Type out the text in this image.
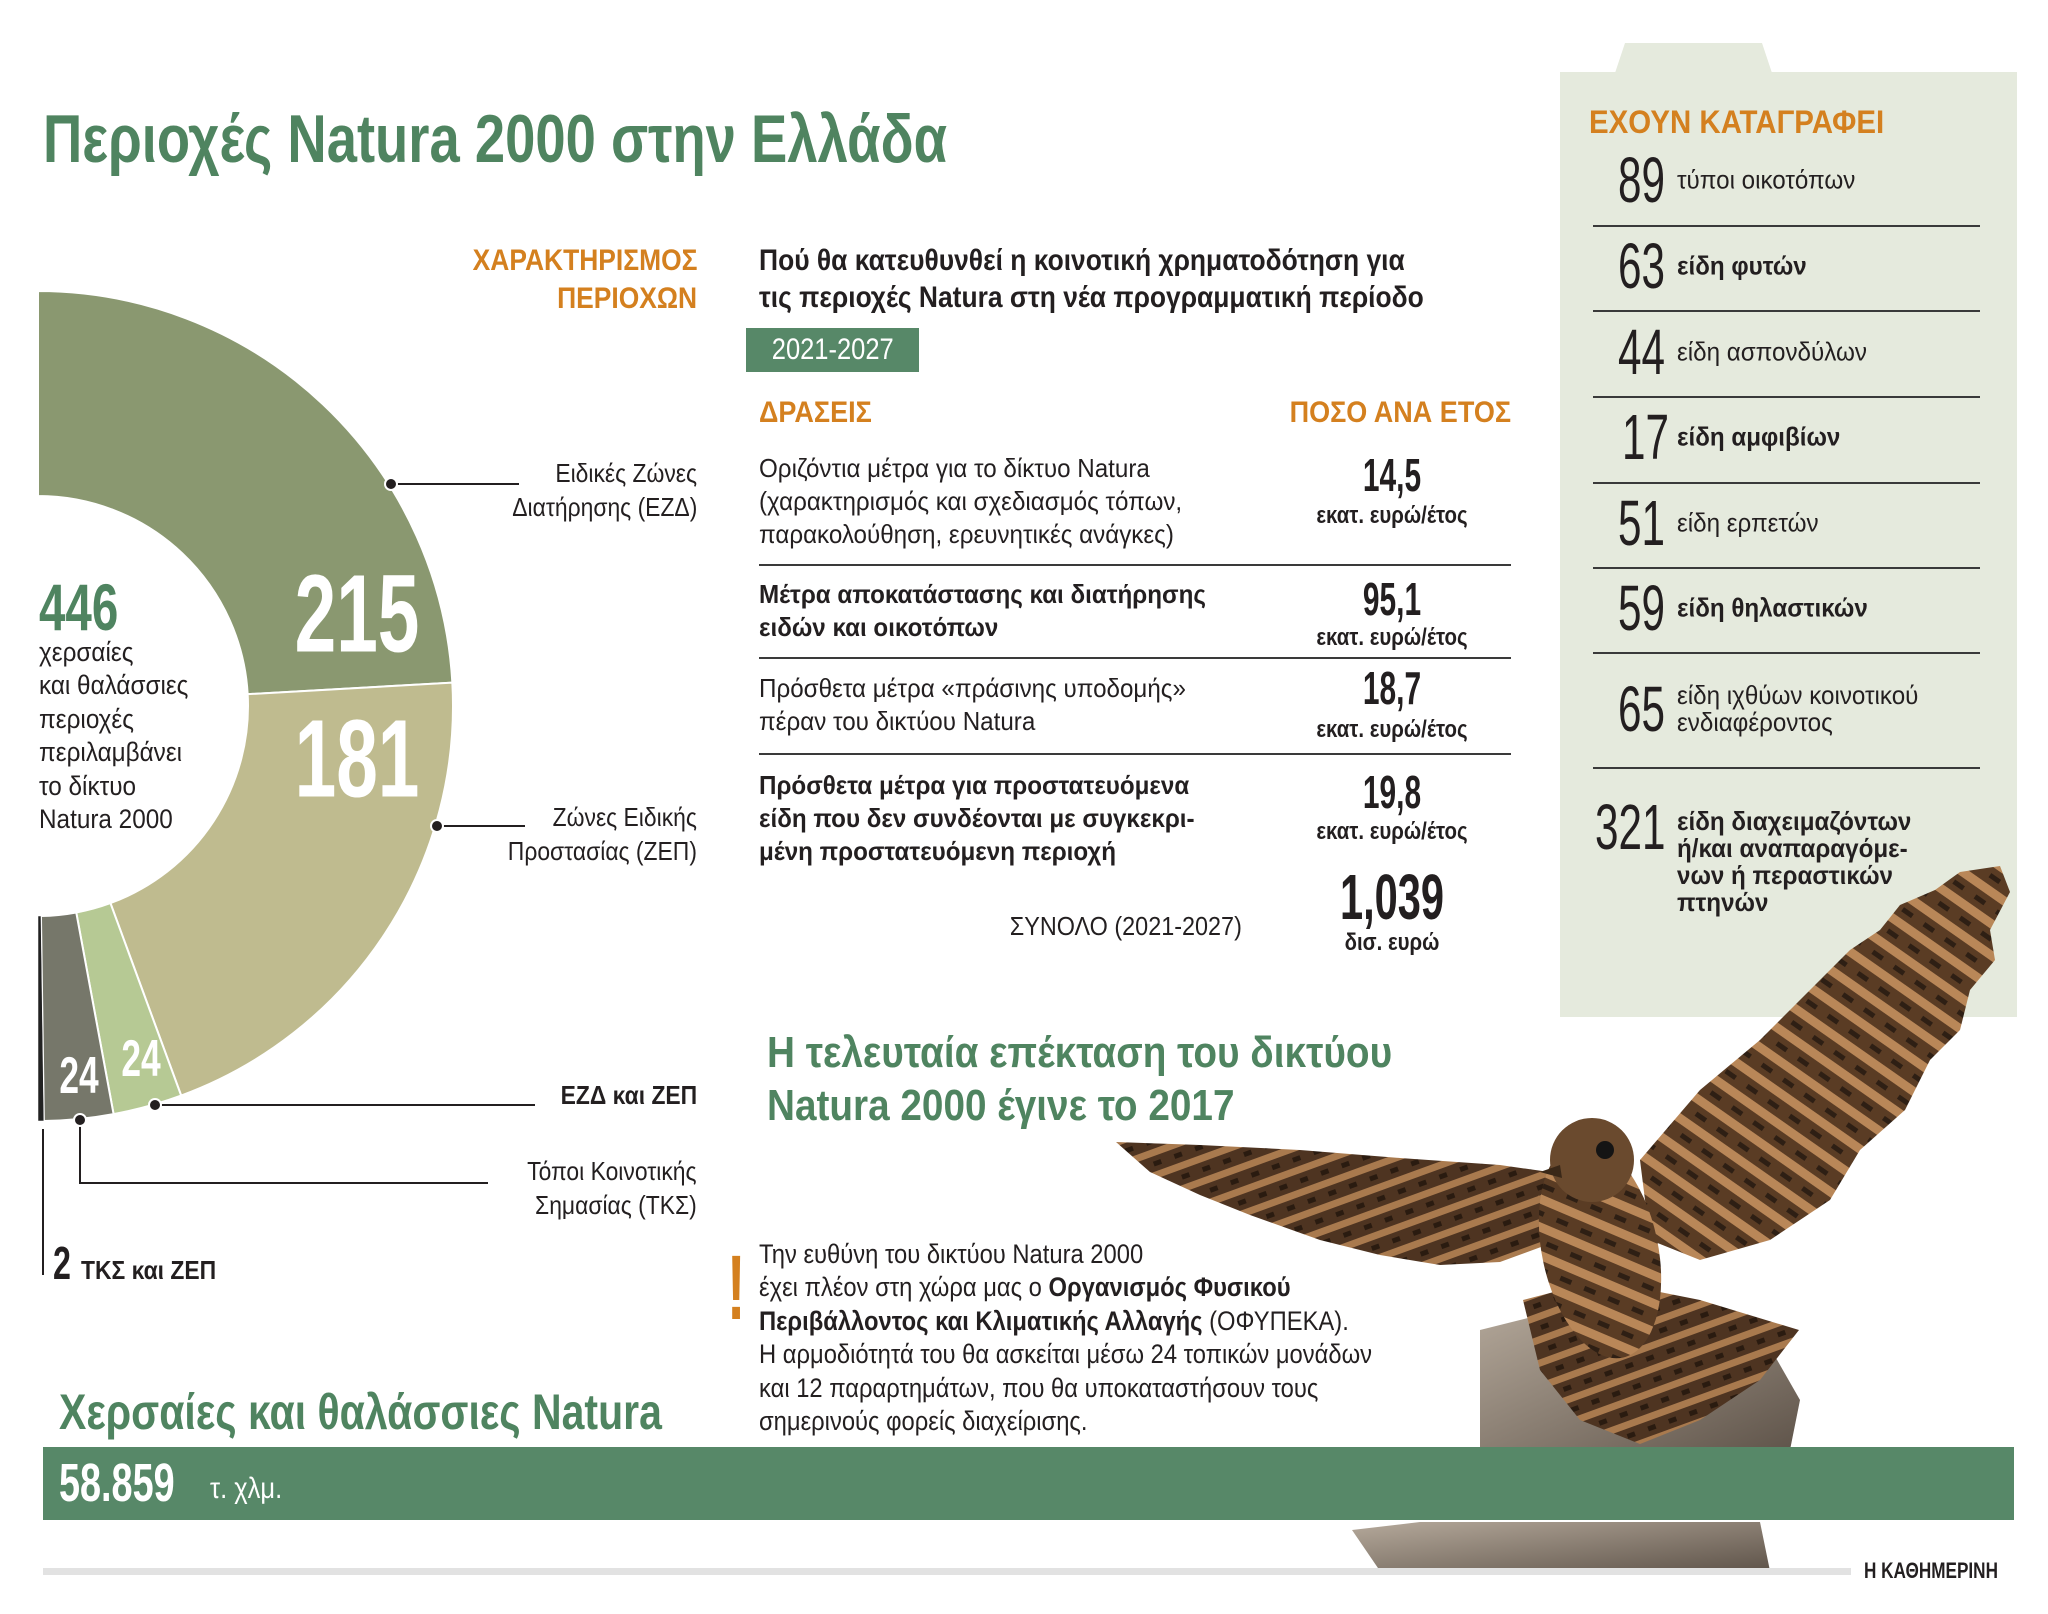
Περιοχές Natura 2000 στην Ελλάδα	ΕΧΟΥΝ ΚΑΤΑΓΡΑΦΕΙ
89 τύποι οικοτόπων
63 είδη φυτών
44 είδη ασπονδύλων
17 είδη αμφιβίων
51 είδη ερπετών
59 είδη θηλαστικών
65 είδη ιχθύων κοινοτικού
ενδιαφέροντος
321 είδη διαχειμαζόντων
ή/και αναπαραγόμε-
νων ή περαστικών
πτηνών
ΧΑΡΑΚΤΗΡΙΣΜΟΣ
ΠΕΡΙΟΧΩΝ
446
χερσαίες
και θαλάσσιες
περιοχές
περιλαμβάνει
το δίκτυο
Natura 2000
215
181
24
24
Ειδικές Ζώνες
Διατήρησης (ΕΖΔ)
Ζώνες Ειδικής
Προστασίας (ΖΕΠ)
ΕΖΔ και ΖΕΠ
Τόποι Κοινοτικής
Σημασίας (ΤΚΣ)
2 ΤΚΣ και ΖΕΠ
Πού θα κατευθυνθεί η κοινοτική χρηματοδότηση για
τις περιοχές Natura στη νέα προγραμματική περίοδο
2021-2027
ΔΡΑΣΕΙΣ	ΠΟΣΟ ΑΝΑ ΕΤΟΣ
Οριζόντια μέτρα για το δίκτυο Natura
(χαρακτηρισμός και σχεδιασμός τόπων,
παρακολούθηση, ερευνητικές ανάγκες)
14,5
εκατ. ευρώ/έτος
Μέτρα αποκατάστασης και διατήρησης
ειδών και οικοτόπων
95,1
εκατ. ευρώ/έτος
Πρόσθετα μέτρα «πράσινης υποδομής»
πέραν του δικτύου Natura
18,7
εκατ. ευρώ/έτος
Πρόσθετα μέτρα για προστατευόμενα
είδη που δεν συνδέονται με συγκεκρι-
μένη προστατευόμενη περιοχή
19,8
εκατ. ευρώ/έτος
ΣΥΝΟΛΟ (2021-2027)	1,039
δισ. ευρώ
Η τελευταία επέκταση του δικτύου
Natura 2000 έγινε το 2017
! Την ευθύνη του δικτύου Natura 2000
έχει πλέον στη χώρα μας ο Οργανισμός Φυσικού
Περιβάλλοντος και Κλιματικής Αλλαγής (ΟΦΥΠΕΚΑ).
Η αρμοδιότητά του θα ασκείται μέσω 24 τοπικών μονάδων
και 12 παραρτημάτων, που θα υποκαταστήσουν τους
σημερινούς φορείς διαχείρισης.
Χερσαίες και θαλάσσιες Natura
58.859	τ. χλμ.
Η ΚΑΘΗΜΕΡΙΝΗ
